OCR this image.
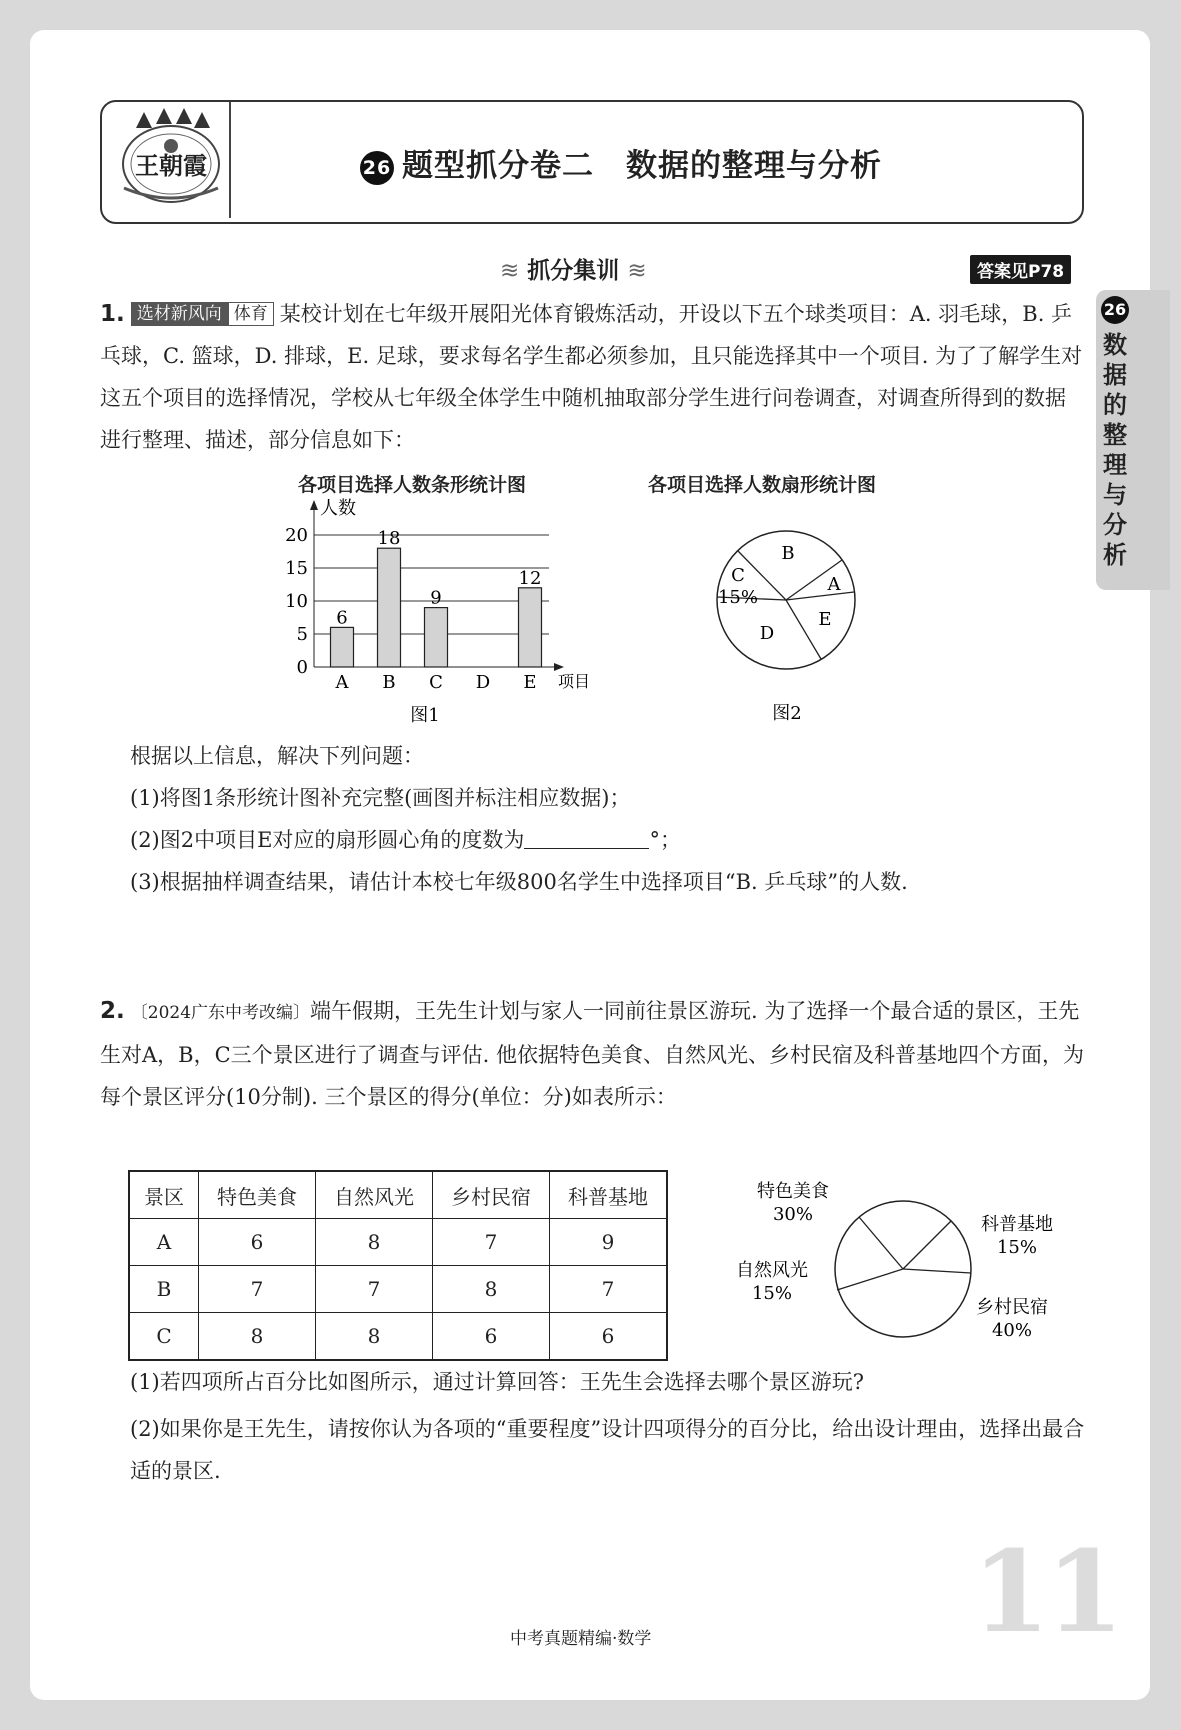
王朝霞	26 题型抓分卷二　数据的整理与分析
≋ 抓分集训 ≋	答案见P78
26
数
据
的
整
理
与
分
析
1. 选材新风向 体育 某校计划在七年级开展阳光体育锻炼活动，开设以下五个球类项目：A. 羽毛球，B. 乒乓球，C. 篮球，D. 排球，E. 足球，要求每名学生都必须参加，且只能选择其中一个项目. 为了了解学生对这五个项目的选择情况，学校从七年级全体学生中随机抽取部分学生进行问卷调查，对调查所得到的数据进行整理、描述，部分信息如下：
各项目选择人数条形统计图	各项目选择人数扇形统计图
人数
项目
图1
0
5
10
15
20
6
A
18
B
9
C D
12
E
B
A
C
15%
E
D
图2
根据以上信息，解决下列问题：
(1)将图1条形统计图补充完整(画图并标注相应数据)；
(2)图2中项目E对应的扇形圆心角的度数为	°；
(3)根据抽样调查结果，请估计本校七年级800名学生中选择项目“B. 乒乓球”的人数.
2. 〔2024广东中考改编〕端午假期，王先生计划与家人一同前往景区游玩. 为了选择一个最合适的景区，王先生对A，B，C三个景区进行了调查与评估. 他依据特色美食、自然风光、乡村民宿及科普基地四个方面，为每个景区评分(10分制). 三个景区的得分(单位：分)如表所示：
景区	特色美食	自然风光	乡村民宿	科普基地
A	6	8	7	9
B	7	7	8	7
C	8	8	6	6
特色美食
30%	科普基地
15%
自然风光
15%
乡村民宿
40%
(1)若四项所占百分比如图所示，通过计算回答：王先生会选择去哪个景区游玩?
(2)如果你是王先生，请按你认为各项的“重要程度”设计四项得分的百分比，给出设计理由，选择出最合适的景区.
11
中考真题精编·数学
